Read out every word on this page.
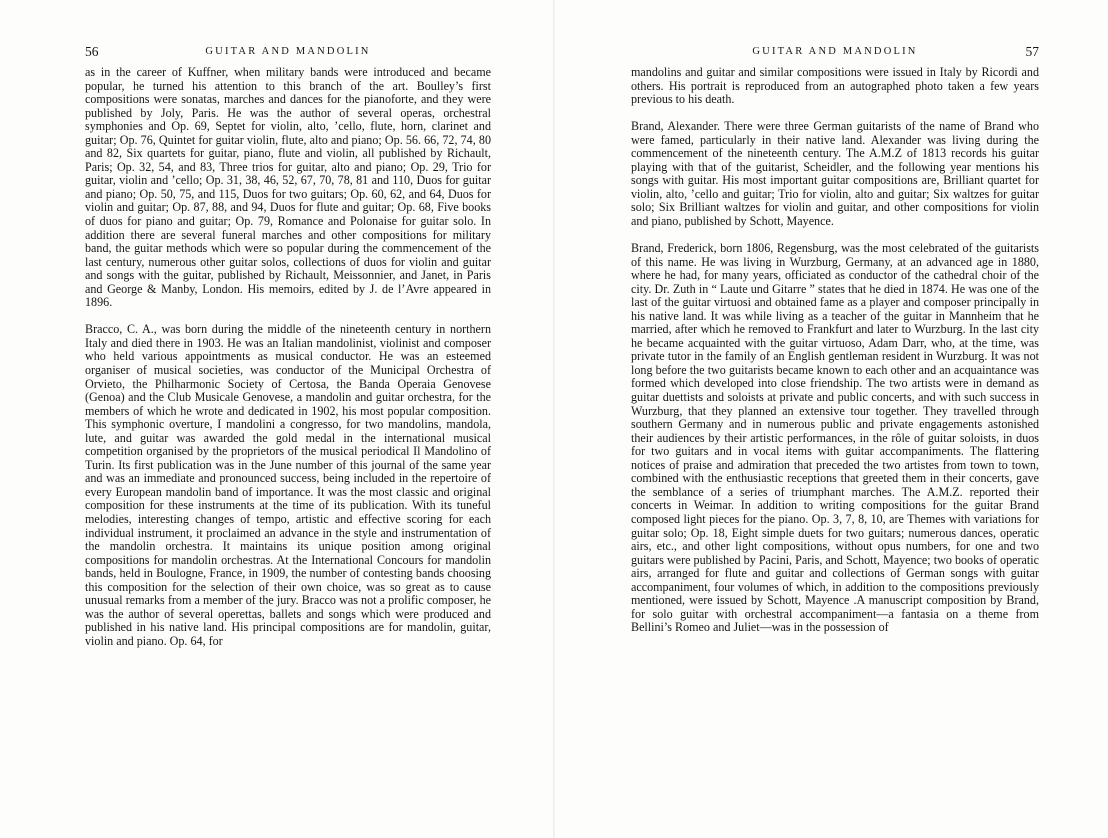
56	GUITAR AND MANDOLIN

as in the career of Kuffner, when military bands were introduced and became popular, he turned his attention to this branch of the art. Boulley’s first compositions were sonatas, marches and dances for the pianoforte, and they were published by Joly, Paris. He was the author of several operas, orchestral symphonies and Op. 69, Septet for violin, alto, ’cello, flute, horn, clarinet and guitar; Op. 76, Quintet for guitar violin, flute, alto and piano; Op. 56. 66, 72, 74, 80 and 82, Six quartets for guitar, piano, flute and violin, all published by Richault, Paris; Op. 32, 54, and 83, Three trios for guitar, alto and piano; Op. 29, Trio for guitar, violin and ’cello; Op. 31, 38, 46, 52, 67, 70, 78, 81 and 110, Duos for guitar and piano; Op. 50, 75, and 115, Duos for two guitars; Op. 60, 62, and 64, Duos for violin and guitar; Op. 87, 88, and 94, Duos for flute and guitar; Op. 68, Five books of duos for piano and guitar; Op. 79, Romance and Polonaise for guitar solo. In addition there are several funeral marches and other compositions for military band, the guitar methods which were so popular during the commencement of the last century, numerous other guitar solos, collections of duos for violin and guitar and songs with the guitar, published by Richault, Meissonnier, and Janet, in Paris and George & Manby, London. His memoirs, edited by J. de l’Avre appeared in 1896.

Bracco, C. A., was born during the middle of the nineteenth century in northern Italy and died there in 1903. He was an Italian mandolinist, violinist and composer who held various appointments as musical conductor. He was an esteemed organiser of musical societies, was conductor of the Municipal Orchestra of Orvieto, the Philharmonic Society of Certosa, the Banda Operaia Genovese (Genoa) and the Club Musicale Genovese, a mandolin and guitar orchestra, for the members of which he wrote and dedicated in 1902, his most popular composition. This symphonic overture, I mandolini a congresso, for two mandolins, mandola, lute, and guitar was awarded the gold medal in the international musical competition organised by the proprietors of the musical periodical Il Mandolino of Turin. Its first publication was in the June number of this journal of the same year and was an immediate and pronounced success, being included in the repertoire of every European mandolin band of importance. It was the most classic and original composition for these instruments at the time of its publication. With its tuneful melodies, interesting changes of tempo, artistic and effective scoring for each individual instrument, it proclaimed an advance in the style and instrumentation of the mandolin orchestra. It maintains its unique position among original compositions for mandolin orchestras. At the International Concours for mandolin bands, held in Boulogne, France, in 1909, the number of contesting bands choosing this composition for the selection of their own choice, was so great as to cause unusual remarks from a member of the jury. Bracco was not a prolific composer, he was the author of several operettas, ballets and songs which were produced and published in his native land. His principal compositions are for mandolin, guitar, violin and piano. Op. 64, for

GUITAR AND MANDOLIN	57

mandolins and guitar and similar compositions were issued in Italy by Ricordi and others. His portrait is reproduced from an autographed photo taken a few years previous to his death.

Brand, Alexander. There were three German guitarists of the name of Brand who were famed, particularly in their native land. Alexander was living during the commencement of the nineteenth century. The A.M.Z of 1813 records his guitar playing with that of the guitarist, Scheidler, and the following year mentions his songs with guitar. His most important guitar compositions are, Brilliant quartet for violin, alto, ’cello and guitar; Trio for violin, alto and guitar; Six waltzes for guitar solo; Six Brilliant waltzes for violin and guitar, and other compositions for violin and piano, published by Schott, Mayence.

Brand, Frederick, born 1806, Regensburg, was the most celebrated of the guitarists of this name. He was living in Wurzburg, Germany, at an advanced age in 1880, where he had, for many years, officiated as conductor of the cathedral choir of the city. Dr. Zuth in “ Laute und Gitarre ” states that he died in 1874. He was one of the last of the guitar virtuosi and obtained fame as a player and composer principally in his native land. It was while living as a teacher of the guitar in Mannheim that he married, after which he removed to Frankfurt and later to Wurzburg. In the last city he became acquainted with the guitar virtuoso, Adam Darr, who, at the time, was private tutor in the family of an English gentleman resident in Wurzburg. It was not long before the two guitarists became known to each other and an acquaintance was formed which developed into close friendship. The two artists were in demand as guitar duettists and soloists at private and public concerts, and with such success in Wurzburg, that they planned an extensive tour together. They travelled through southern Germany and in numerous public and private engagements astonished their audiences by their artistic performances, in the rôle of guitar soloists, in duos for two guitars and in vocal items with guitar accompaniments. The flattering notices of praise and admiration that preceded the two artistes from town to town, combined with the enthusiastic receptions that greeted them in their concerts, gave the semblance of a series of triumphant marches. The A.M.Z. reported their concerts in Weimar. In addition to writing compositions for the guitar Brand composed light pieces for the piano. Op. 3, 7, 8, 10, are Themes with variations for guitar solo; Op. 18, Eight simple duets for two guitars; numerous dances, operatic airs, etc., and other light compositions, without opus numbers, for one and two guitars were published by Pacini, Paris, and Schott, Mayence; two books of operatic airs, arranged for flute and guitar and collections of German songs with guitar accompaniment, four volumes of which, in addition to the compositions previously mentioned, were issued by Schott, Mayence .A manuscript composition by Brand, for solo guitar with orchestral accompaniment—a fantasia on a theme from Bellini’s Romeo and Juliet—was in the possession of
